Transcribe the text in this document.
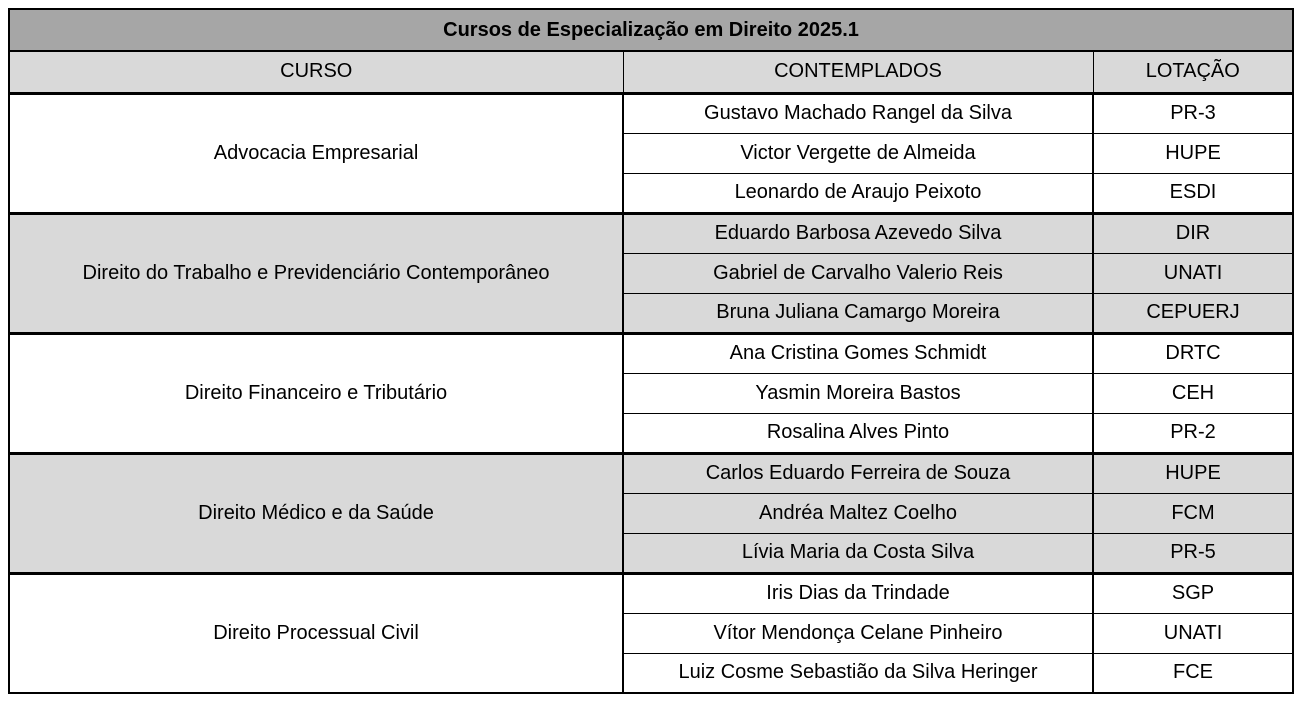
Cursos de Especialização em Direito 2025.1		
CURSO	CONTEMPLADOS	LOTAÇÃO
Advocacia Empresarial	Gustavo Machado Rangel da Silva	PR-3
	Victor Vergette de Almeida	HUPE
	Leonardo de Araujo Peixoto	ESDI
Direito do Trabalho e Previdenciário Contemporâneo	Eduardo Barbosa Azevedo Silva	DIR
	Gabriel de Carvalho Valerio Reis	UNATI
	Bruna Juliana Camargo Moreira	CEPUERJ
Direito Financeiro e Tributário	Ana Cristina Gomes Schmidt	DRTC
	Yasmin Moreira Bastos	CEH
	Rosalina Alves Pinto	PR-2
Direito Médico e da Saúde	Carlos Eduardo Ferreira de Souza	HUPE
	Andréa Maltez Coelho	FCM
	Lívia Maria da Costa Silva	PR-5
Direito Processual Civil	Iris Dias da Trindade	SGP
	Vítor Mendonça Celane Pinheiro	UNATI
	Luiz Cosme Sebastião da Silva Heringer	FCE
